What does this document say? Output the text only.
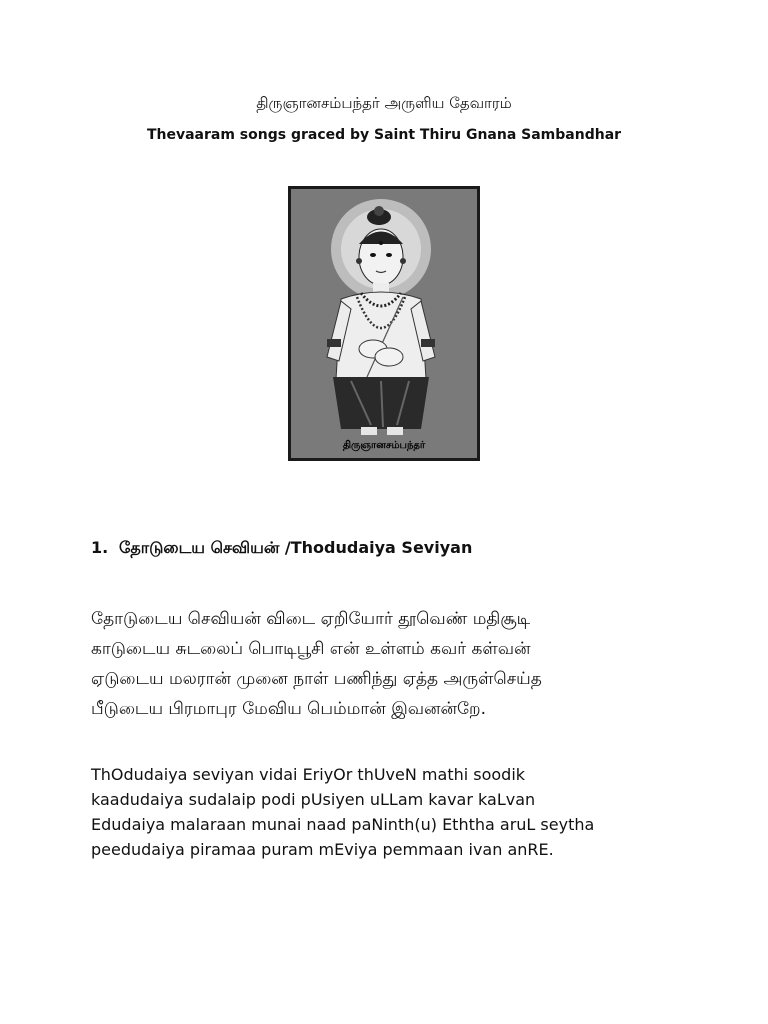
திருஞானசம்பந்தர் அருளிய தேவாரம்
Thevaaram songs graced by Saint Thiru Gnana Sambandhar
திருஞானசம்பந்தர்
1. தோடுடைய செவியன் /Thodudaiya Seviyan
தோடுடைய செவியன் விடை ஏறியோர் தூவெண் மதிசூடி
காடுடைய சுடலைப் பொடிபூசி என் உள்ளம் கவர் கள்வன்
ஏடுடைய மலரான் முனை நாள் பணிந்து ஏத்த அருள்செய்த
பீடுடைய பிரமாபுர மேவிய பெம்மான் இவனன்றே.
ThOdudaiya seviyan vidai EriyOr thUveN mathi soodik
kaadudaiya sudalaip podi pUsiyen uLLam kavar kaLvan
Edudaiya malaraan munai naad paNinth(u) Eththa aruL seytha
peedudaiya piramaa puram mEviya pemmaan ivan anRE.
